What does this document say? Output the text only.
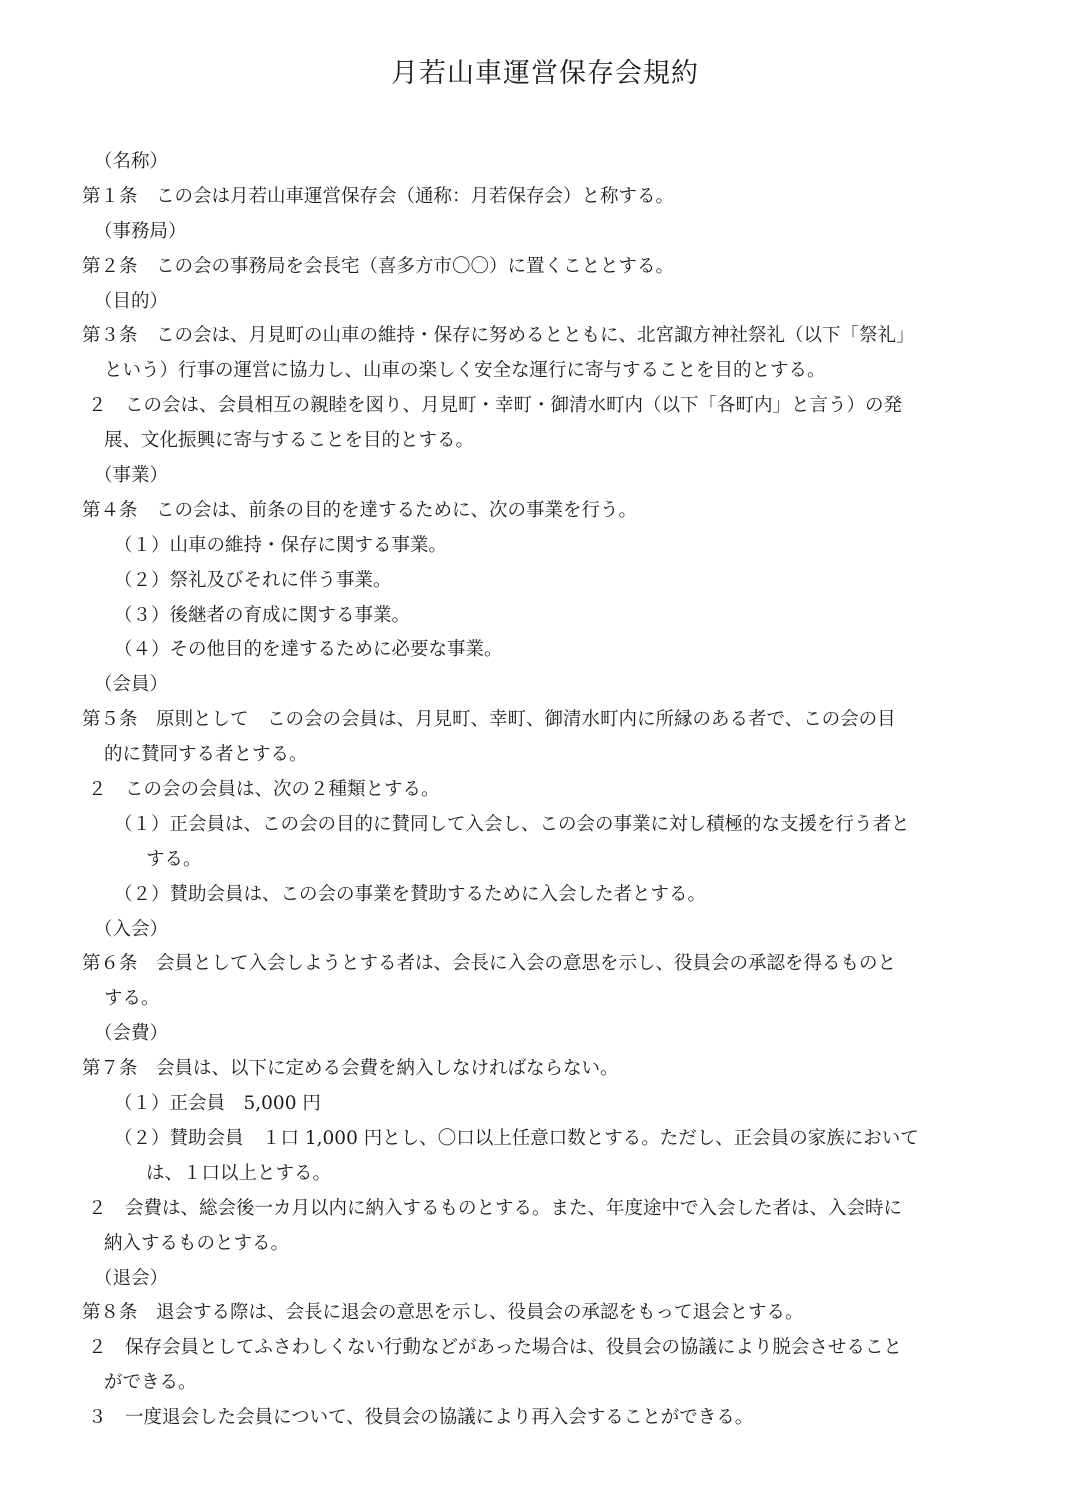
月若山車運営保存会規約
（名称）
第１条　この会は月若山車運営保存会（通称：月若保存会）と称する。
（事務局）
第２条　この会の事務局を会長宅（喜多方市〇〇）に置くこととする。
（目的）
第３条　この会は、月見町の山車の維持・保存に努めるとともに、北宮諏方神社祭礼（以下「祭礼」
という）行事の運営に協力し、山車の楽しく安全な運行に寄与することを目的とする。
２　この会は、会員相互の親睦を図り、月見町・幸町・御清水町内（以下「各町内」と言う）の発
展、文化振興に寄与することを目的とする。
（事業）
第４条　この会は、前条の目的を達するために、次の事業を行う。
（１）山車の維持・保存に関する事業。
（２）祭礼及びそれに伴う事業。
（３）後継者の育成に関する事業。
（４）その他目的を達するために必要な事業。
（会員）
第５条　原則として　この会の会員は、月見町、幸町、御清水町内に所縁のある者で、この会の目
的に賛同する者とする。
２　この会の会員は、次の２種類とする。
（１）正会員は、この会の目的に賛同して入会し、この会の事業に対し積極的な支援を行う者と
する。
（２）賛助会員は、この会の事業を賛助するために入会した者とする。
（入会）
第６条　会員として入会しようとする者は、会長に入会の意思を示し、役員会の承認を得るものと
する。
（会費）
第７条　会員は、以下に定める会費を納入しなければならない。
（１）正会員　5,000 円
（２）賛助会員　１口 1,000 円とし、〇口以上任意口数とする。ただし、正会員の家族において
は、１口以上とする。
２　会費は、総会後一カ月以内に納入するものとする。また、年度途中で入会した者は、入会時に
納入するものとする。
（退会）
第８条　退会する際は、会長に退会の意思を示し、役員会の承認をもって退会とする。
２　保存会員としてふさわしくない行動などがあった場合は、役員会の協議により脱会させること
ができる。
３　一度退会した会員について、役員会の協議により再入会することができる。
